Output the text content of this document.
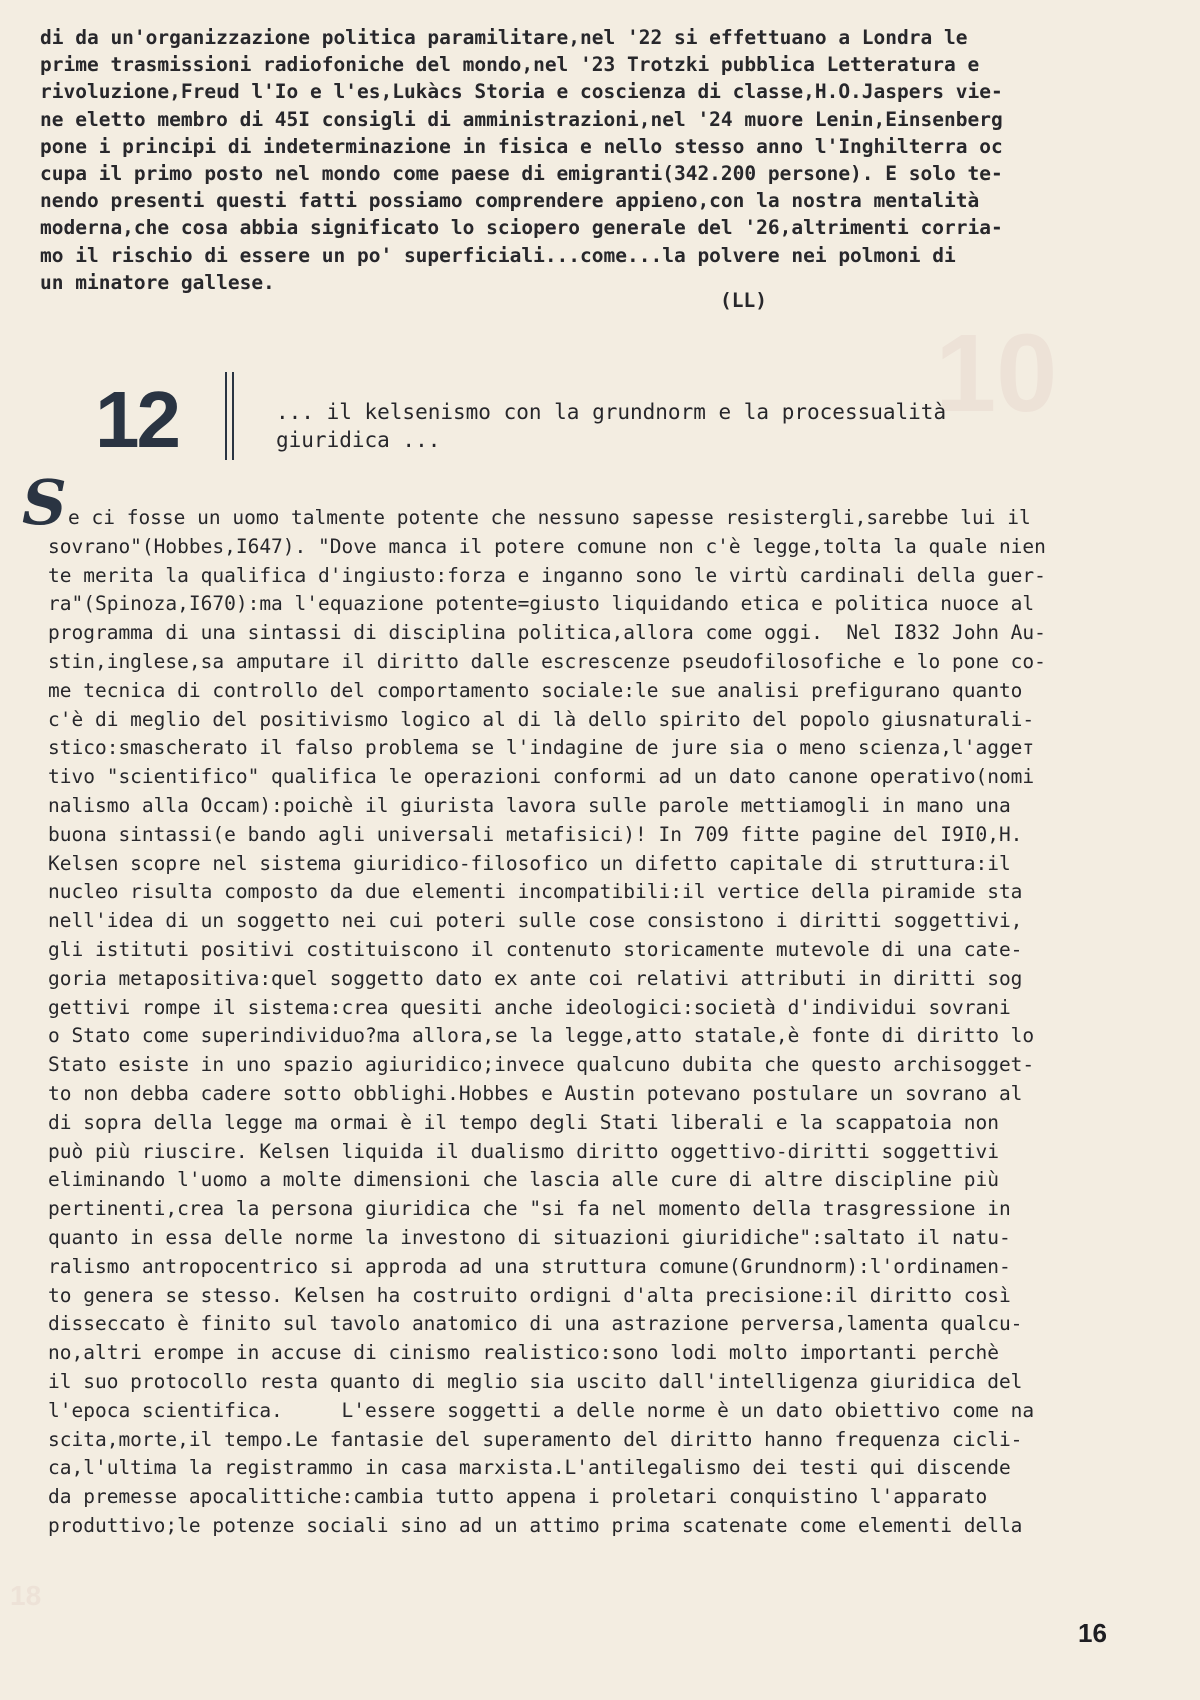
10
18
di da un'organizzazione politica paramilitare,nel '22 si effettuano a Londra le
prime trasmissioni radiofoniche del mondo,nel '23 Trotzki pubblica Letteratura e
rivoluzione,Freud l'Io e l'es,Lukàcs Storia e coscienza di classe,H.O.Jaspers vie-
ne eletto membro di 45I consigli di amministrazioni,nel '24 muore Lenin,Einsenberg
pone i principi di indeterminazione in fisica e nello stesso anno l'Inghilterra oc
cupa il primo posto nel mondo come paese di emigranti(342.200 persone). E solo te-
nendo presenti questi fatti possiamo comprendere appieno,con la nostra mentalità
moderna,che cosa abbia significato lo sciopero generale del '26,altrimenti corria-
mo il rischio di essere un po' superficiali...come...la polvere nei polmoni di
un minatore gallese.
(LL)
12	... il kelsenismo con la grundnorm e la processualità
giuridica ...
S e ci fosse un uomo talmente potente che nessuno sapesse resistergli,sarebbe lui il
sovrano"(Hobbes,I647). "Dove manca il potere comune non c'è legge,tolta la quale nien
te merita la qualifica d'ingiusto:forza e inganno sono le virtù cardinali della guer-
ra"(Spinoza,I670):ma l'equazione potente=giusto liquidando etica e politica nuoce al
programma di una sintassi di disciplina politica,allora come oggi.  Nel I832 John Au-
stin,inglese,sa amputare il diritto dalle escrescenze pseudofilosofiche e lo pone co-
me tecnica di controllo del comportamento sociale:le sue analisi prefigurano quanto
c'è di meglio del positivismo logico al di là dello spirito del popolo giusnaturali-
stico:smascherato il falso problema se l'indagine de jure sia o meno scienza,l'aggет
tivo "scientifico" qualifica le operazioni conformi ad un dato canone operativo(nomi
nalismo alla Occam):poichè il giurista lavora sulle parole mettiamogli in mano una
buona sintassi(e bando agli universali metafisici)! In 709 fitte pagine del I9I0,H.
Kelsen scopre nel sistema giuridico-filosofico un difetto capitale di struttura:il
nucleo risulta composto da due elementi incompatibili:il vertice della piramide sta
nell'idea di un soggetto nei cui poteri sulle cose consistono i diritti soggettivi,
gli istituti positivi costituiscono il contenuto storicamente mutevole di una cate-
goria metapositiva:quel soggetto dato ex ante coi relativi attributi in diritti sog
gettivi rompe il sistema:crea quesiti anche ideologici:società d'individui sovrani
o Stato come superindividuo?ma allora,se la legge,atto statale,è fonte di diritto lo
Stato esiste in uno spazio agiuridico;invece qualcuno dubita che questo archisogget-
to non debba cadere sotto obblighi.Hobbes e Austin potevano postulare un sovrano al
di sopra della legge ma ormai è il tempo degli Stati liberali e la scappatoia non
può più riuscire. Kelsen liquida il dualismo diritto oggettivo-diritti soggettivi
eliminando l'uomo a molte dimensioni che lascia alle cure di altre discipline più
pertinenti,crea la persona giuridica che "si fa nel momento della trasgressione in
quanto in essa delle norme la investono di situazioni giuridiche":saltato il natu-
ralismo antropocentrico si approda ad una struttura comune(Grundnorm):l'ordinamen-
to genera se stesso. Kelsen ha costruito ordigni d'alta precisione:il diritto così
disseccato è finito sul tavolo anatomico di una astrazione perversa,lamenta qualcu-
no,altri erompe in accuse di cinismo realistico:sono lodi molto importanti perchè
il suo protocollo resta quanto di meglio sia uscito dall'intelligenza giuridica del
l'epoca scientifica.     L'essere soggetti a delle norme è un dato obiettivo come na
scita,morte,il tempo.Le fantasie del superamento del diritto hanno frequenza cicli-
ca,l'ultima la registrammo in casa marxista.L'antilegalismo dei testi qui discende
da premesse apocalittiche:cambia tutto appena i proletari conquistino l'apparato
produttivo;le potenze sociali sino ad un attimo prima scatenate come elementi della
16
